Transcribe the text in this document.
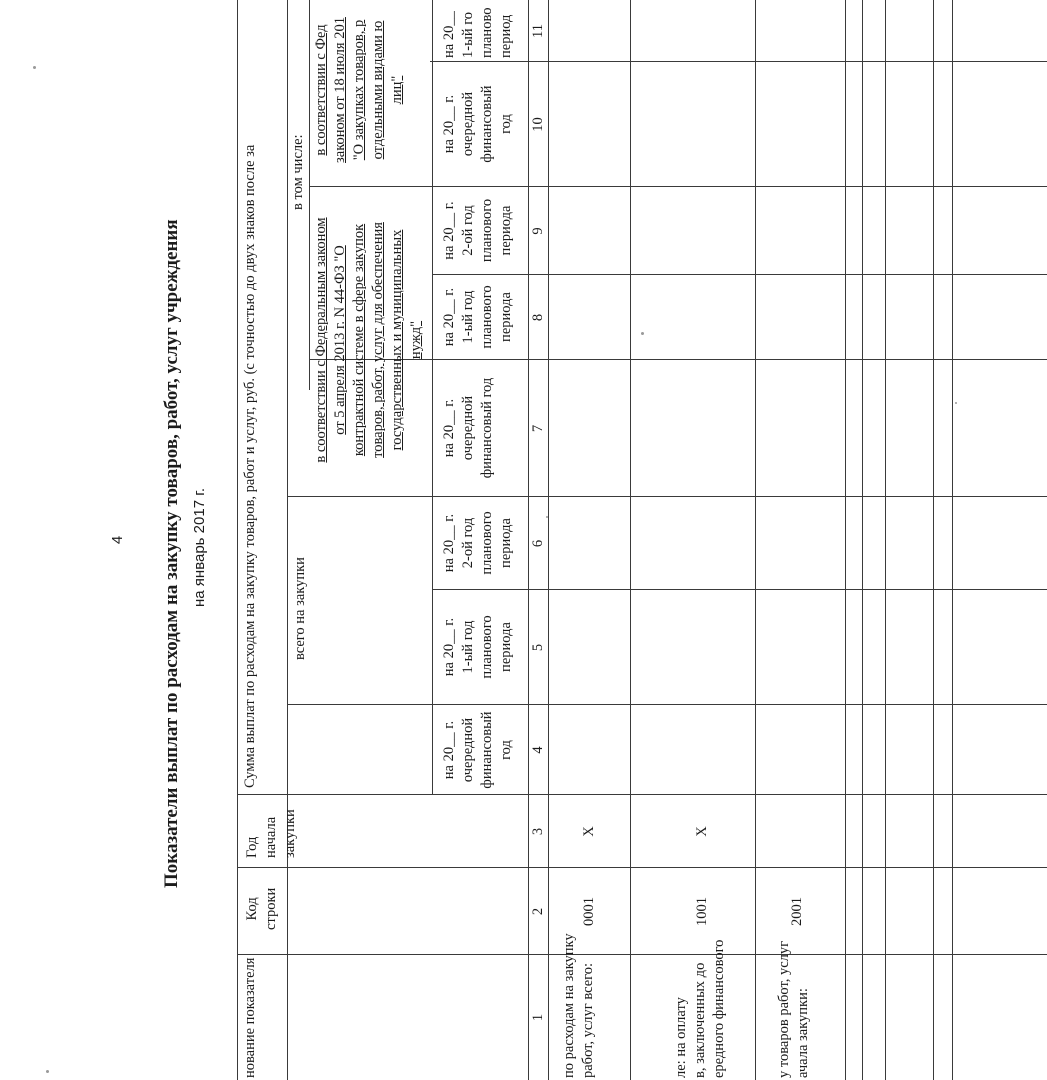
4 Показатели выплат по расходам на закупку товаров, работ, услуг учреждения на январь 2017 г.
нование показателя
Код строки
Год начала закупки
Сумма выплат по расходам на закупку товаров, работ и услуг, руб. (с точностью до двух знаков после за всего на закупки
в том числе:
в соответствии с Федеральным законом от 5 апреля 2013 г. N 44-ФЗ "О контрактной системе в сфере закупок товаров, работ, услуг для обеспечения государственных и муниципальных нужд"
в соответствии с Фед законом от 18 июля 201 "О закупках товаров, р отдельными видами ю лиц"
на 20__ г. очередной финансовый год
на 20__ г. 1-ый год планового периода
на 20__ г. 2-ой год планового периода
на 20__ г. очередной финансовый год
на 20__ г. 1-ый год планового периода
на 20__ г. 2-ой год планового периода
на 20__ г. очередной финансовый год
на 20__ 1-ый го планово период
1
2
3
4
5
6
7
8
9
10
11
по расходам на закупку работ, услуг всего:
0001
X
ле: на оплату в, заключенных до ередного финансового
1001
X
у товаров работ, услуг ачала закупки:
2001
